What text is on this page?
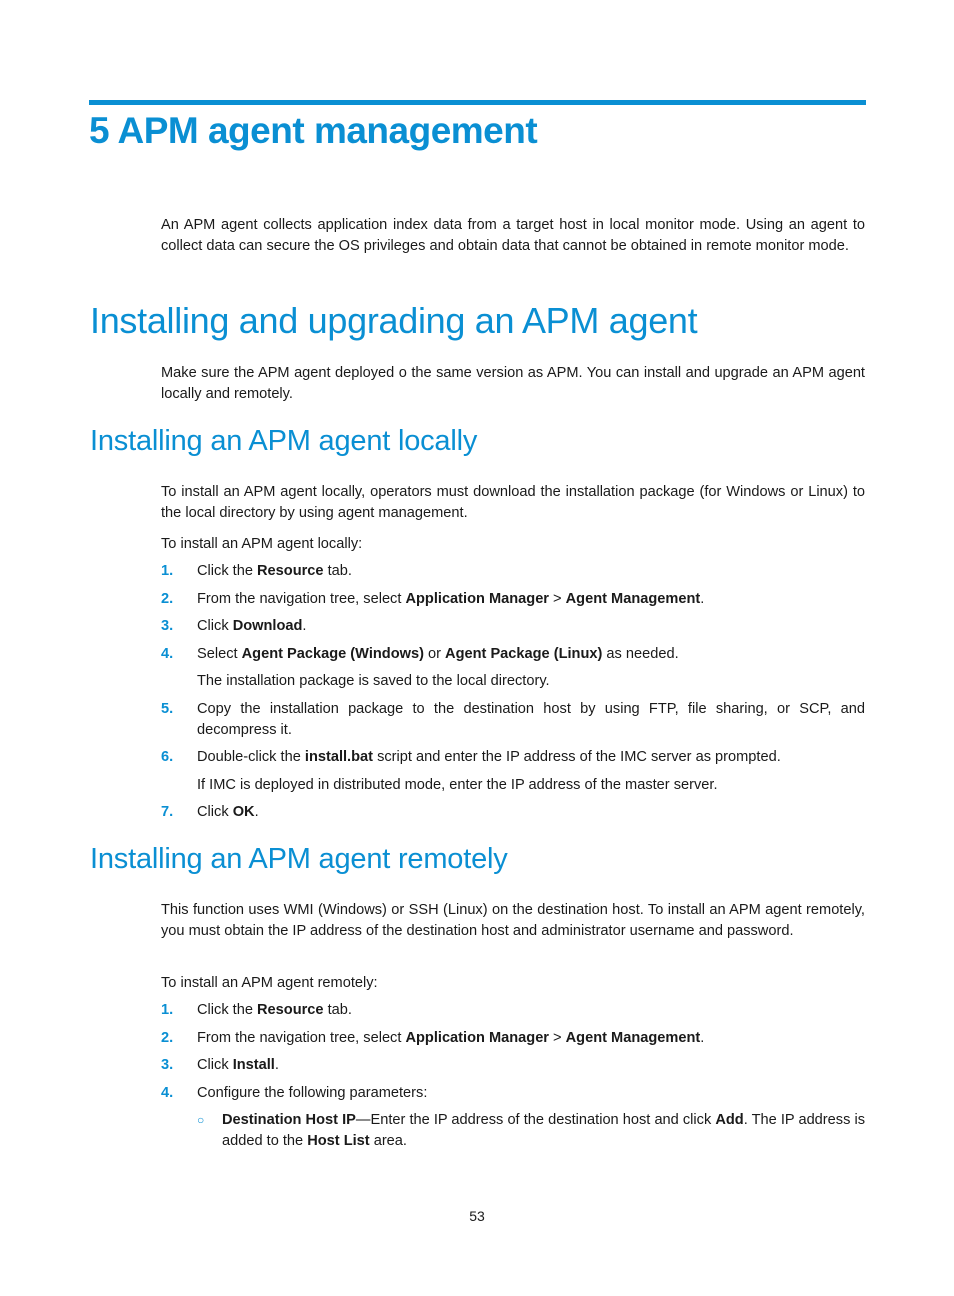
5 APM agent management

An APM agent collects application index data from a target host in local monitor mode. Using an agent to collect data can secure the OS privileges and obtain data that cannot be obtained in remote monitor mode.

Installing and upgrading an APM agent

Make sure the APM agent deployed o the same version as APM. You can install and upgrade an APM agent locally and remotely.

Installing an APM agent locally

To install an APM agent locally, operators must download the installation package (for Windows or Linux) to the local directory by using agent management.

To install an APM agent locally:

1. Click the Resource tab.
2. From the navigation tree, select Application Manager > Agent Management.
3. Click Download.
4. Select Agent Package (Windows) or Agent Package (Linux) as needed.

The installation package is saved to the local directory.

5. Copy the installation package to the destination host by using FTP, file sharing, or SCP, and decompress it.
6. Double-click the install.bat script and enter the IP address of the IMC server as prompted.

If IMC is deployed in distributed mode, enter the IP address of the master server.

7. Click OK.
Installing an APM agent remotely

This function uses WMI (Windows) or SSH (Linux) on the destination host. To install an APM agent remotely, you must obtain the IP address of the destination host and administrator username and password.

To install an APM agent remotely:

1. Click the Resource tab.
2. From the navigation tree, select Application Manager > Agent Management.
3. Click Install.
4. Configure the following parameters:
○ Destination Host IP—Enter the IP address of the destination host and click Add. The IP address is added to the Host List area.
53
